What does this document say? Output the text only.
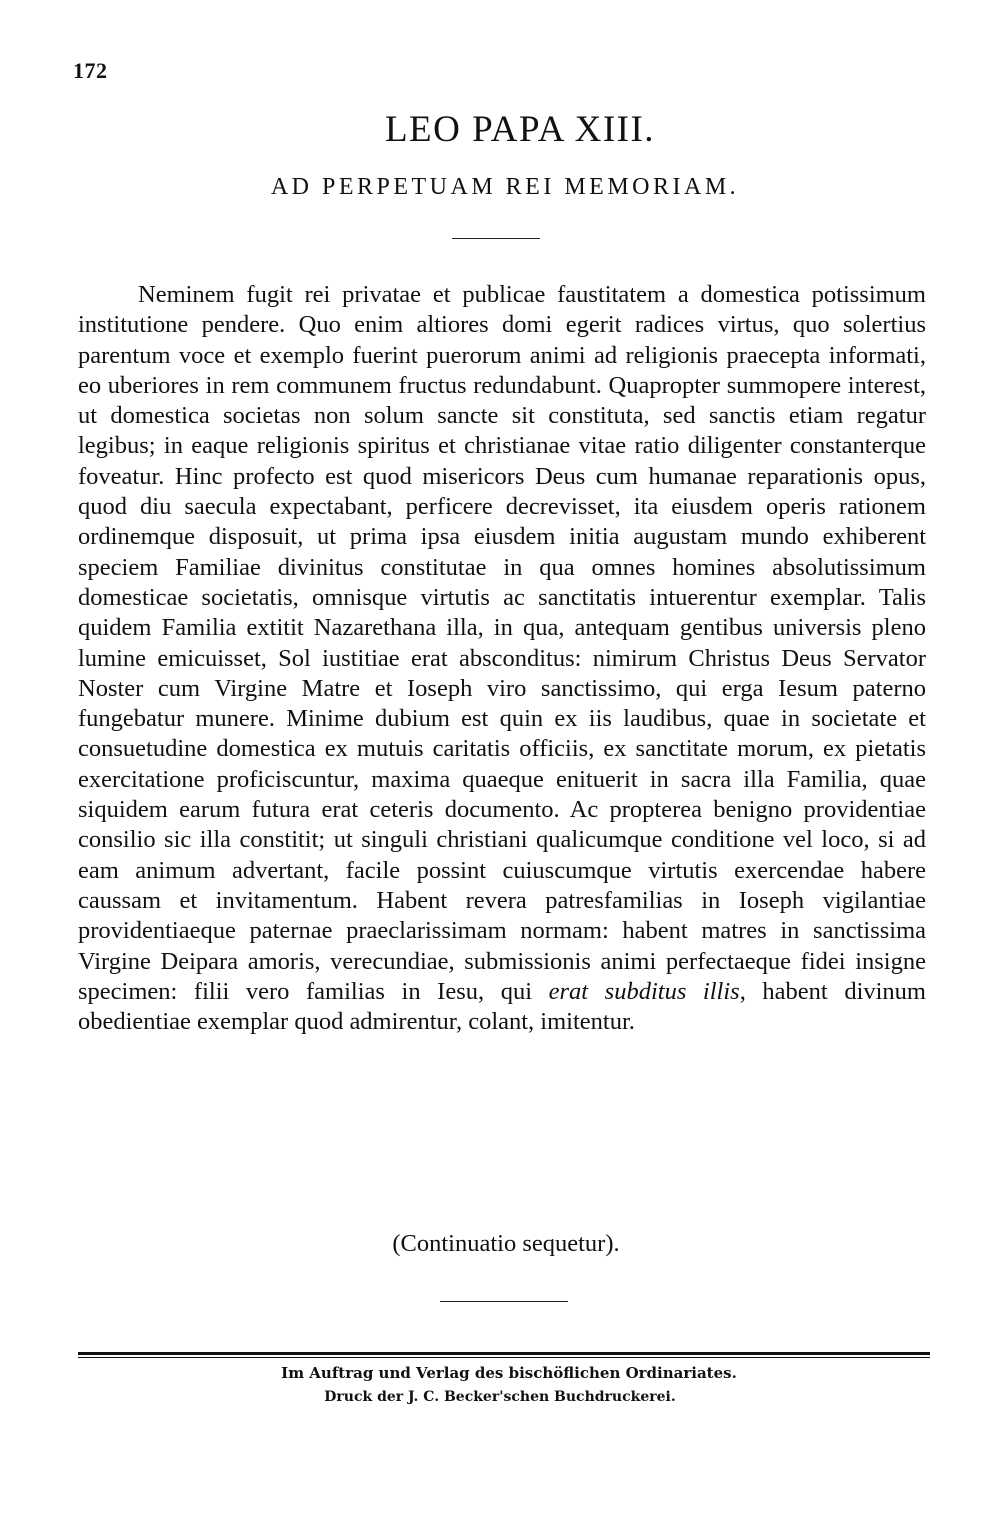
172
LEO PAPA XIII.
AD PERPETUAM REI MEMORIAM.

Neminem fugit rei privatae et publicae faustitatem a domestica potissimum institutione pendere. Quo enim altiores domi egerit radices virtus, quo solertius parentum voce et exemplo fuerint puerorum animi ad religionis praecepta informati, eo uberiores in rem communem fructus redundabunt. Quapropter summopere interest, ut domestica societas non solum sancte sit constituta, sed sanctis etiam regatur legibus; in eaque religionis spiritus et christianae vitae ratio diligenter constanterque foveatur. Hinc profecto est quod misericors Deus cum humanae reparationis opus, quod diu saecula expectabant, perficere decrevisset, ita eiusdem operis rationem ordinemque disposuit, ut prima ipsa eiusdem initia augustam mundo exhiberent speciem Familiae divinitus constitutae in qua omnes homines absolutissimum domesticae societatis, omnisque virtutis ac sanctitatis intuerentur exemplar. Talis quidem Familia extitit Nazarethana illa, in qua, antequam gentibus universis pleno lumine emicuisset, Sol iustitiae erat absconditus: nimirum Christus Deus Servator Noster cum Virgine Matre et Ioseph viro sanctissimo, qui erga Iesum paterno fungebatur munere. Minime dubium est quin ex iis laudibus, quae in societate et consuetudine domestica ex mutuis caritatis officiis, ex sanctitate morum, ex pietatis exercitatione proficiscuntur, maxima quaeque enituerit in sacra illa Familia, quae siquidem earum futura erat ceteris documento. Ac propterea benigno providentiae consilio sic illa constitit; ut singuli christiani qualicumque conditione vel loco, si ad eam animum advertant, facile possint cuiuscumque virtutis exercendae habere caussam et invitamentum. Habent revera patresfamilias in Ioseph vigilantiae providentiaeque paternae praeclarissimam normam: habent matres in sanctissima Virgine Deipara amoris, verecundiae, submissionis animi perfectaeque fidei insigne specimen: filii vero familias in Iesu, qui erat subditus illis, habent divinum obedientiae exemplar quod admirentur, colant, imitentur.

(Continuatio sequetur).
Im Auftrag und Verlag des bischöflichen Ordinariates.
Druck der J. C. Becker'schen Buchdruckerei.
